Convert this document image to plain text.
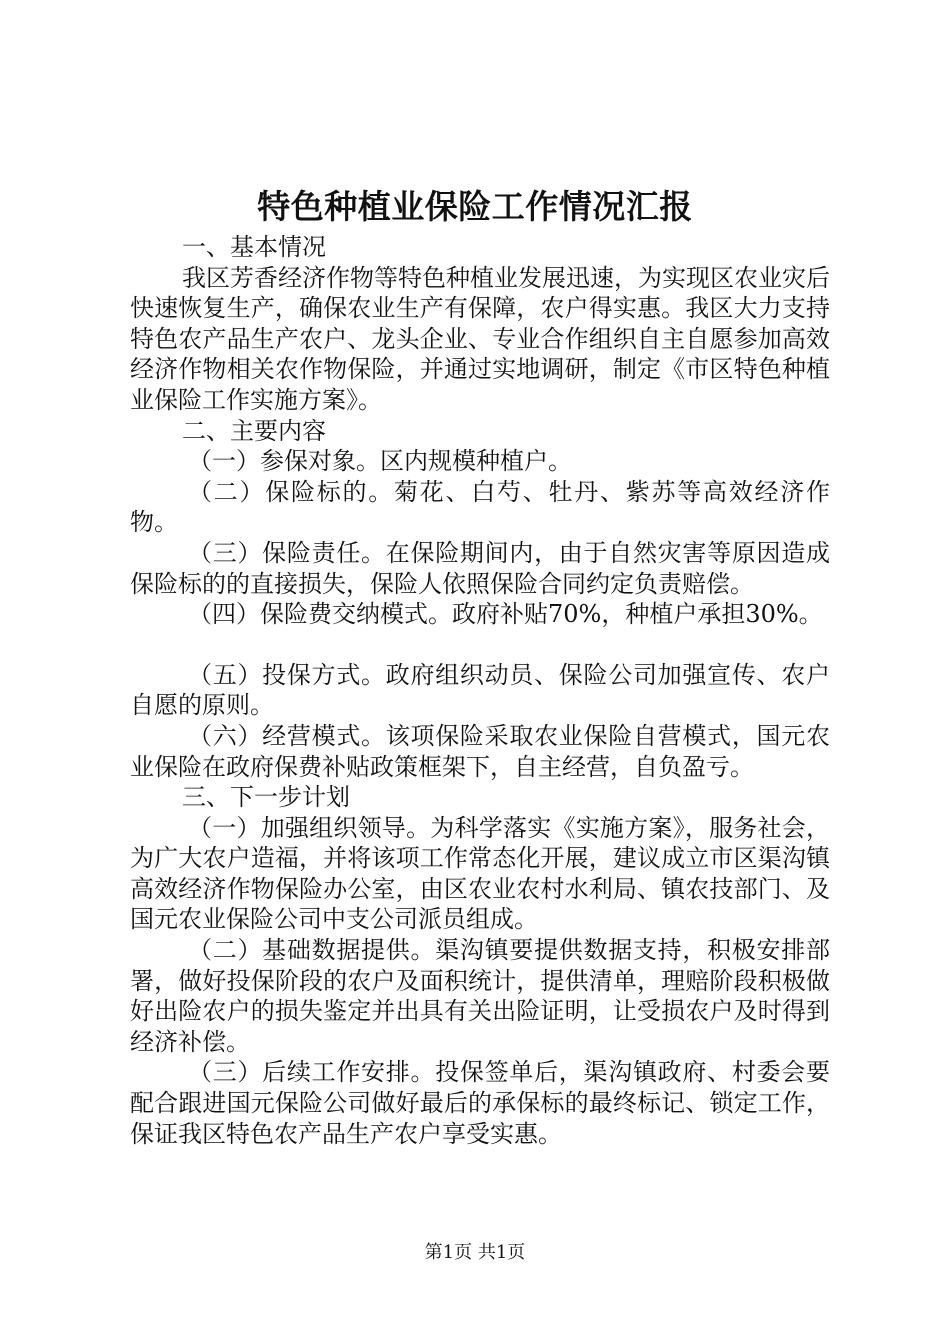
特色种植业保险工作情况汇报

一、基本情况

我区芳香经济作物等特色种植业发展迅速，为实现区农业灾后快速恢复生产，确保农业生产有保障，农户得实惠。我区大力支持特色农产品生产农户、龙头企业、专业合作组织自主自愿参加高效经济作物相关农作物保险，并通过实地调研，制定《市区特色种植业保险工作实施方案》。

二、主要内容

（一）参保对象。区内规模种植户。

（二）保险标的。菊花、白芍、牡丹、紫苏等高效经济作物。

（三）保险责任。在保险期间内，由于自然灾害等原因造成保险标的的直接损失，保险人依照保险合同约定负责赔偿。

（四）保险费交纳模式。政府补贴70%，种植户承担30%。

（五）投保方式。政府组织动员、保险公司加强宣传、农户自愿的原则。

（六）经营模式。该项保险采取农业保险自营模式，国元农业保险在政府保费补贴政策框架下，自主经营，自负盈亏。

三、下一步计划

（一）加强组织领导。为科学落实《实施方案》，服务社会，为广大农户造福，并将该项工作常态化开展，建议成立市区渠沟镇高效经济作物保险办公室，由区农业农村水利局、镇农技部门、及国元农业保险公司中支公司派员组成。

（二）基础数据提供。渠沟镇要提供数据支持，积极安排部署，做好投保阶段的农户及面积统计，提供清单，理赔阶段积极做好出险农户的损失鉴定并出具有关出险证明，让受损农户及时得到经济补偿。

（三）后续工作安排。投保签单后，渠沟镇政府、村委会要配合跟进国元保险公司做好最后的承保标的最终标记、锁定工作，保证我区特色农产品生产农户享受实惠。

第1页 共1页
